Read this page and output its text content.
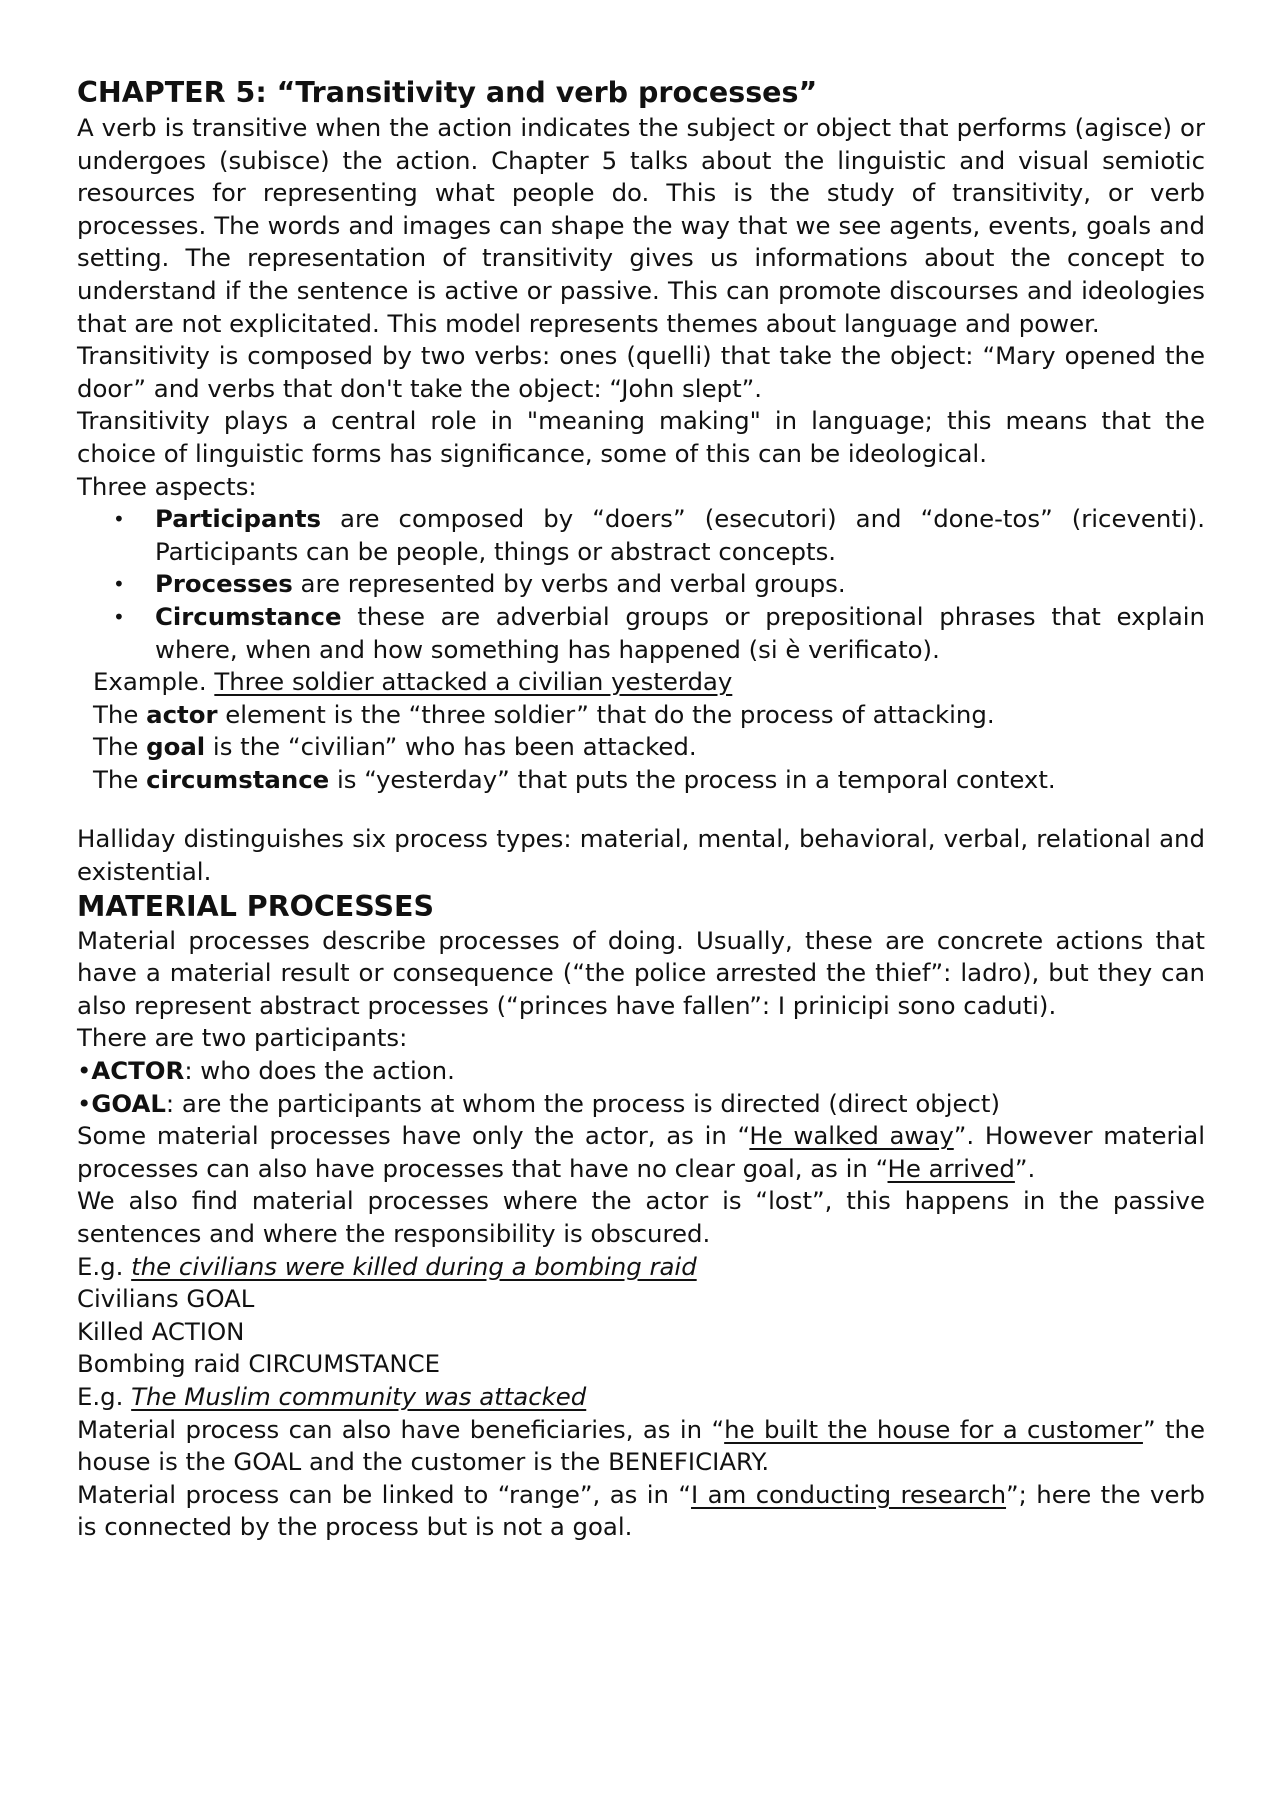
CHAPTER 5: “Transitivity and verb processes”

A verb is transitive when the action indicates the subject or object that performs (agisce) or undergoes (subisce) the action. Chapter 5 talks about the linguistic and visual semiotic resources for representing what people do. This is the study of transitivity, or verb processes. The words and images can shape the way that we see agents, events, goals and setting. The representation of transitivity gives us informations about the concept to understand if the sentence is active or passive. This can promote discourses and ideologies that are not explicitated. This model represents themes about language and power.

Transitivity is composed by two verbs: ones (quelli) that take the object: “Mary opened the door” and verbs that don't take the object: “John slept”.

Transitivity plays a central role in "meaning making" in language; this means that the choice of linguistic forms has significance, some of this can be ideological.

Three aspects:

• Participants are composed by “doers” (esecutori) and “done-tos” (riceventi). Participants can be people, things or abstract concepts.
• Processes are represented by verbs and verbal groups.
• Circumstance these are adverbial groups or prepositional phrases that explain where, when and how something has happened (si è verificato).

Example. Three soldier attacked a civilian yesterday

The actor element is the “three soldier” that do the process of attacking.

The goal is the “civilian” who has been attacked.

The circumstance is “yesterday” that puts the process in a temporal context.

Halliday distinguishes six process types: material, mental, behavioral, verbal, relational and existential.

MATERIAL PROCESSES

Material processes describe processes of doing. Usually, these are concrete actions that have a material result or consequence (“the police arrested the thief”: ladro), but they can also represent abstract processes (“princes have fallen”: I prinicipi sono caduti).

There are two participants:

•ACTOR: who does the action.

•GOAL: are the participants at whom the process is directed (direct object)

Some material processes have only the actor, as in “He walked away”. However material processes can also have processes that have no clear goal, as in “He arrived”.

We also find material processes where the actor is “lost”, this happens in the passive sentences and where the responsibility is obscured.

E.g. the civilians were killed during a bombing raid

Civilians GOAL

Killed ACTION

Bombing raid CIRCUMSTANCE

E.g. The Muslim community was attacked

Material process can also have beneficiaries, as in “he built the house for a customer” the house is the GOAL and the customer is the BENEFICIARY.

Material process can be linked to “range”, as in “I am conducting research”; here the verb is connected by the process but is not a goal.
